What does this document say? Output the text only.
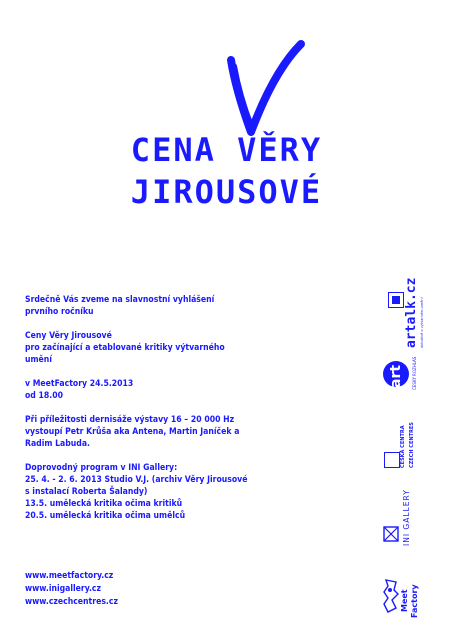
CENA VĚRY
JIROUSOVÉ
Srdečně Vás zveme na slavnostní vyhlášení
prvního ročníku
Ceny Věry Jirousové
pro začínající a etablované kritiky výtvarného
umění
v MeetFactory 24.5.2013
od 18.00
Při příležitosti dernisáže výstavy 16 – 20 000 Hz
vystoupí Petr Krůša aka Antena, Martin Janíček a
Radim Labuda.
Doprovodný program v INI Gallery:
25. 4. - 2. 6. 2013 Studio V.J. (archiv Věry Jirousové
s instalací Roberta Šalandy)
13.5. umělecká kritika očima kritiků
20.5. umělecká kritika očima umělců
www.meetfactory.cz
www.inigallery.cz
www.czechcentres.cz
artalk.cz aktuálně o výtvarném umění
art ČESKÝ ROZHLAS
ČESKÁ CENTRA CZECH CENTRES
INI GALLERY
Meet Factory
